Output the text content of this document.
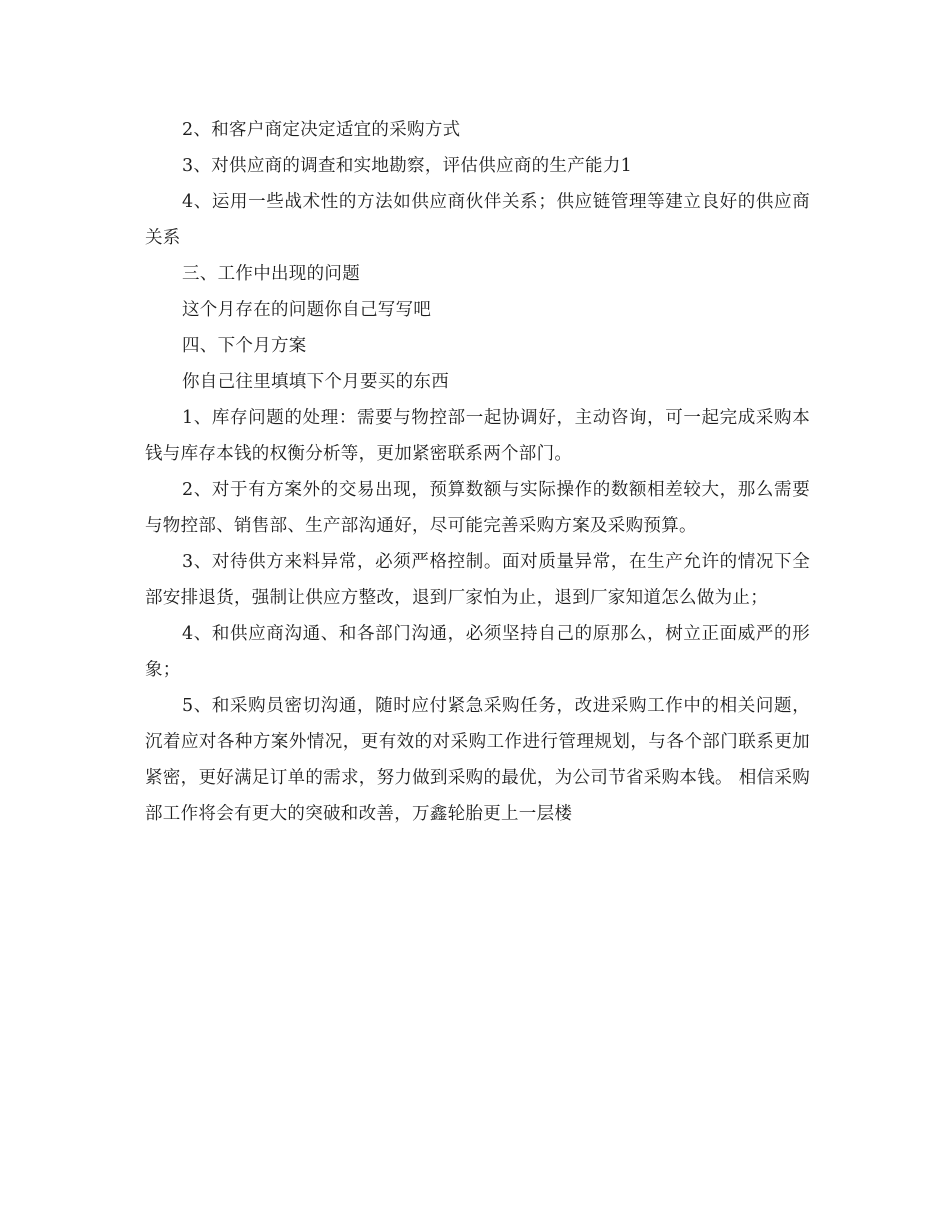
2、和客户商定决定适宜的采购方式

3、对供应商的调查和实地勘察，评估供应商的生产能力1

4、运用一些战术性的方法如供应商伙伴关系；供应链管理等建立良好的供应商关系

三、工作中出现的问题

这个月存在的问题你自己写写吧

四、下个月方案

你自己往里填填下个月要买的东西

1、库存问题的处理：需要与物控部一起协调好，主动咨询，可一起完成采购本钱与库存本钱的权衡分析等，更加紧密联系两个部门。

2、对于有方案外的交易出现，预算数额与实际操作的数额相差较大，那么需要与物控部、销售部、生产部沟通好，尽可能完善采购方案及采购预算。

3、对待供方来料异常，必须严格控制。面对质量异常，在生产允许的情况下全部安排退货，强制让供应方整改，退到厂家怕为止，退到厂家知道怎么做为止；

4、和供应商沟通、和各部门沟通，必须坚持自己的原那么，树立正面威严的形象；

5、和采购员密切沟通，随时应付紧急采购任务，改进采购工作中的相关问题，沉着应对各种方案外情况，更有效的对采购工作进行管理规划，与各个部门联系更加紧密，更好满足订单的需求，努力做到采购的最优，为公司节省采购本钱。 相信采购部工作将会有更大的突破和改善，万鑫轮胎更上一层楼
